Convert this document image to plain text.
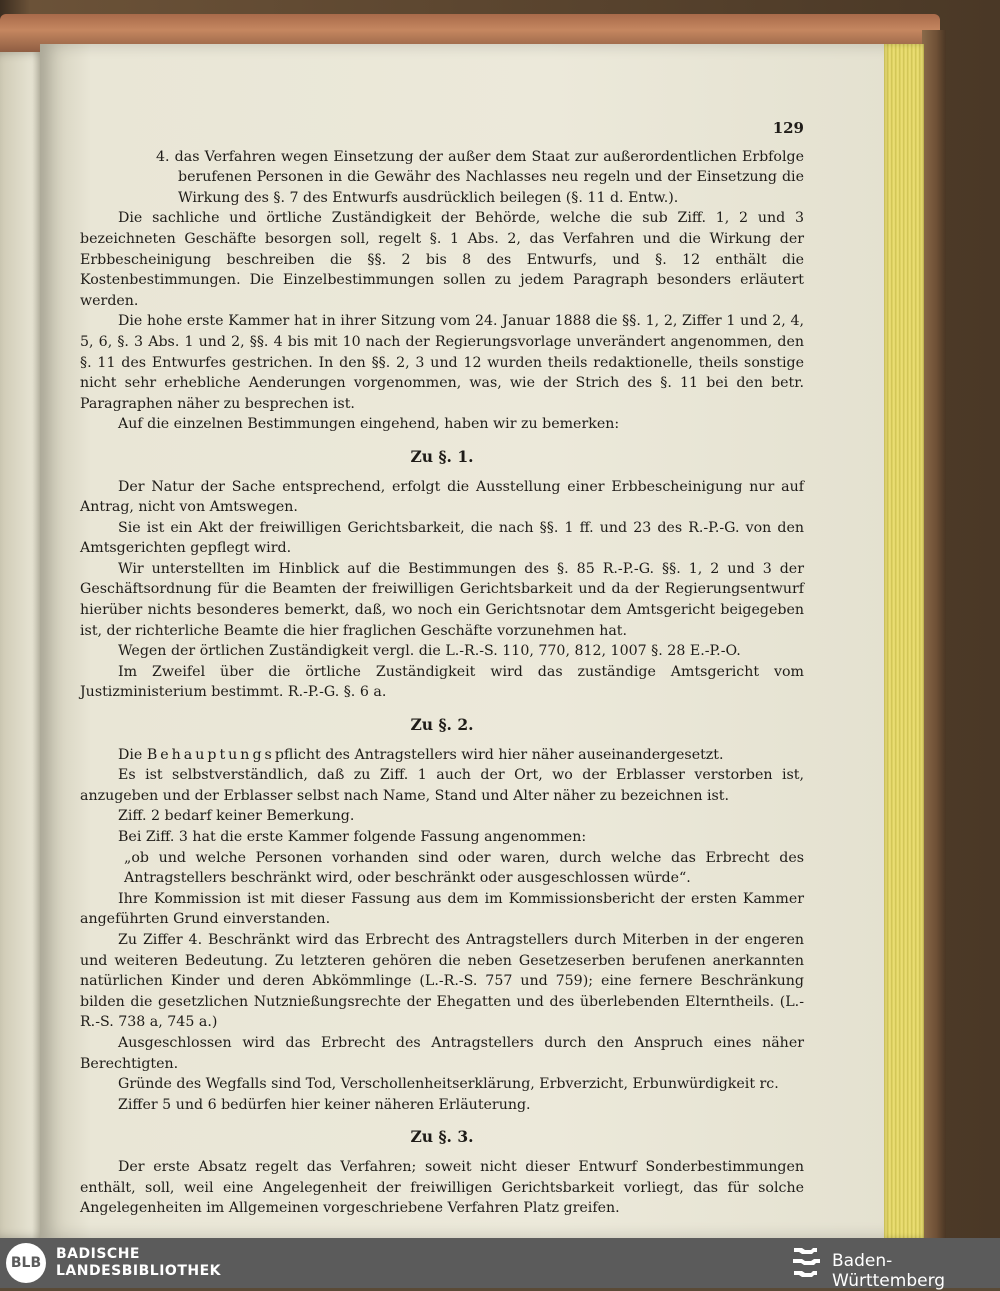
129

4. das Verfahren wegen Einsetzung der außer dem Staat zur außerordentlichen Erbfolge berufenen Personen in die Gewähr des Nachlasses neu regeln und der Einsetzung die Wirkung des §. 7 des Entwurfs ausdrücklich beilegen (§. 11 d. Entw.).

Die sachliche und örtliche Zuständigkeit der Behörde, welche die sub Ziff. 1, 2 und 3 bezeichneten Geschäfte besorgen soll, regelt §. 1 Abs. 2, das Verfahren und die Wirkung der Erbbescheinigung beschreiben die §§. 2 bis 8 des Entwurfs, und §. 12 enthält die Kostenbestimmungen. Die Einzelbestimmungen sollen zu jedem Paragraph besonders erläutert werden.

Die hohe erste Kammer hat in ihrer Sitzung vom 24. Januar 1888 die §§. 1, 2, Ziffer 1 und 2, 4, 5, 6, §. 3 Abs. 1 und 2, §§. 4 bis mit 10 nach der Regierungsvorlage unverändert angenommen, den §. 11 des Entwurfes gestrichen. In den §§. 2, 3 und 12 wurden theils redaktionelle, theils sonstige nicht sehr erhebliche Aenderungen vorgenommen, was, wie der Strich des §. 11 bei den betr. Paragraphen näher zu besprechen ist.

Auf die einzelnen Bestimmungen eingehend, haben wir zu bemerken:

Zu §. 1.

Der Natur der Sache entsprechend, erfolgt die Ausstellung einer Erbbescheinigung nur auf Antrag, nicht von Amtswegen.

Sie ist ein Akt der freiwilligen Gerichtsbarkeit, die nach §§. 1 ff. und 23 des R.-P.-G. von den Amtsgerichten gepflegt wird.

Wir unterstellten im Hinblick auf die Bestimmungen des §. 85 R.-P.-G. §§. 1, 2 und 3 der Geschäftsordnung für die Beamten der freiwilligen Gerichtsbarkeit und da der Regierungsentwurf hierüber nichts besonderes bemerkt, daß, wo noch ein Gerichtsnotar dem Amtsgericht beigegeben ist, der richterliche Beamte die hier fraglichen Geschäfte vorzunehmen hat.

Wegen der örtlichen Zuständigkeit vergl. die L.-R.-S. 110, 770, 812, 1007 §. 28 E.-P.-O.

Im Zweifel über die örtliche Zuständigkeit wird das zuständige Amtsgericht vom Justizministerium bestimmt. R.-P.-G. §. 6 a.

Zu §. 2.

Die Behauptungspflicht des Antragstellers wird hier näher auseinandergesetzt.

Es ist selbstverständlich, daß zu Ziff. 1 auch der Ort, wo der Erblasser verstorben ist, anzugeben und der Erblasser selbst nach Name, Stand und Alter näher zu bezeichnen ist.

Ziff. 2 bedarf keiner Bemerkung.

Bei Ziff. 3 hat die erste Kammer folgende Fassung angenommen:

„ob und welche Personen vorhanden sind oder waren, durch welche das Erbrecht des Antragstellers beschränkt wird, oder beschränkt oder ausgeschlossen würde“.

Ihre Kommission ist mit dieser Fassung aus dem im Kommissionsbericht der ersten Kammer angeführten Grund einverstanden.

Zu Ziffer 4. Beschränkt wird das Erbrecht des Antragstellers durch Miterben in der engeren und weiteren Bedeutung. Zu letzteren gehören die neben Gesetzeserben berufenen anerkannten natürlichen Kinder und deren Abkömmlinge (L.-R.-S. 757 und 759); eine fernere Beschränkung bilden die gesetzlichen Nutznießungsrechte der Ehegatten und des überlebenden Elterntheils. (L.-R.-S. 738 a, 745 a.)

Ausgeschlossen wird das Erbrecht des Antragstellers durch den Anspruch eines näher Berechtigten.

Gründe des Wegfalls sind Tod, Verschollenheitserklärung, Erbverzicht, Erbunwürdigkeit rc.

Ziffer 5 und 6 bedürfen hier keiner näheren Erläuterung.

Zu §. 3.

Der erste Absatz regelt das Verfahren; soweit nicht dieser Entwurf Sonderbestimmungen enthält, soll, weil eine Angelegenheit der freiwilligen Gerichtsbarkeit vorliegt, das für solche Angelegenheiten im Allgemeinen vorgeschriebene Verfahren Platz greifen.

BLB
BADISCHE
LANDESBIBLIOTHEK	Baden-Württemberg
